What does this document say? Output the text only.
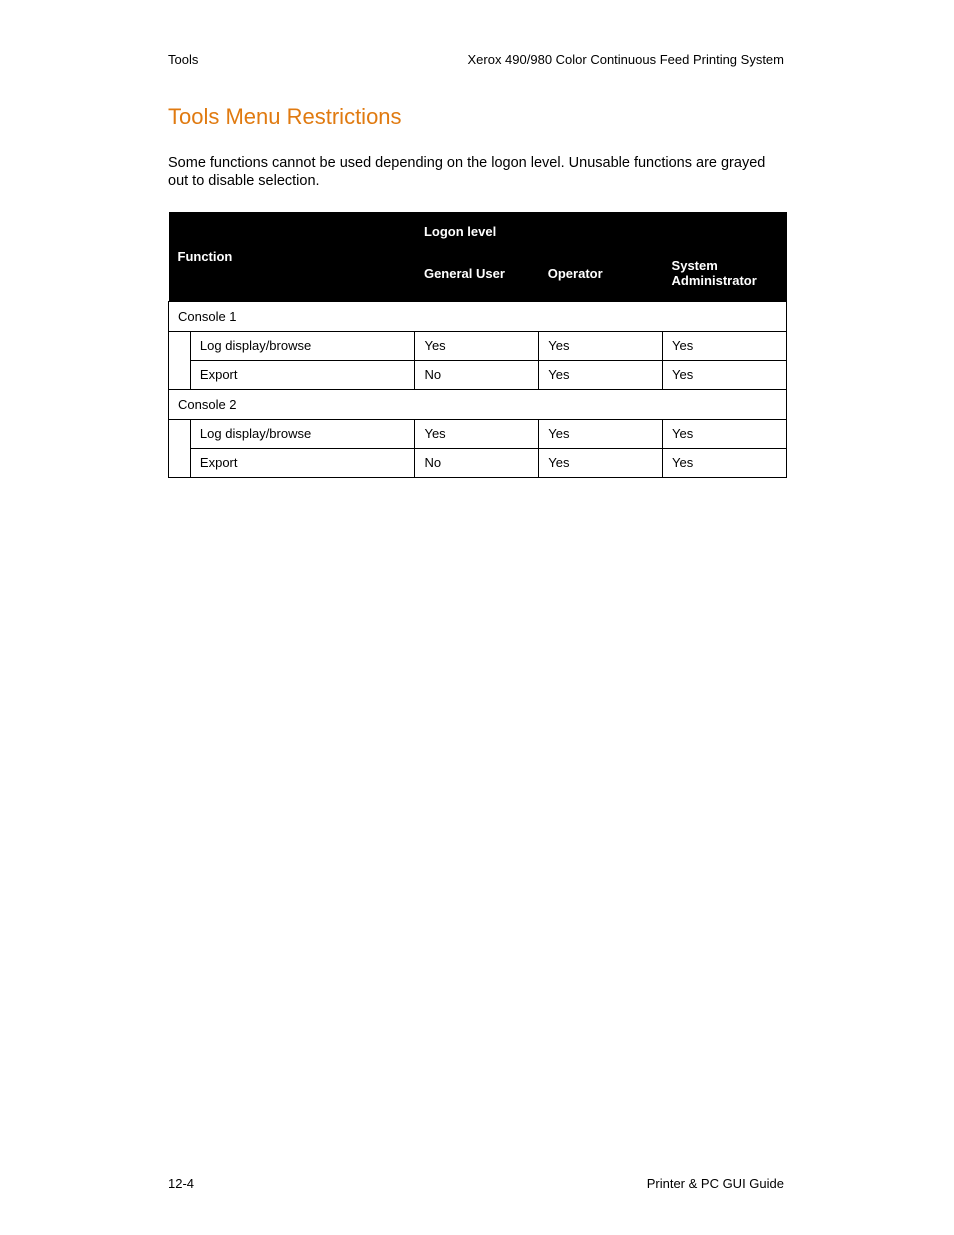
Tools	Xerox 490/980 Color Continuous Feed Printing System
Tools Menu Restrictions

Some functions cannot be used depending on the logon level. Unusable functions are grayed out to disable selection.

Function		Logon level		
		General User	Operator	System Administrator
Console 1				
	Log display/browse	Yes	Yes	Yes
	Export	No	Yes	Yes
Console 2				
	Log display/browse	Yes	Yes	Yes
	Export	No	Yes	Yes
12-4	Printer & PC GUI Guide
